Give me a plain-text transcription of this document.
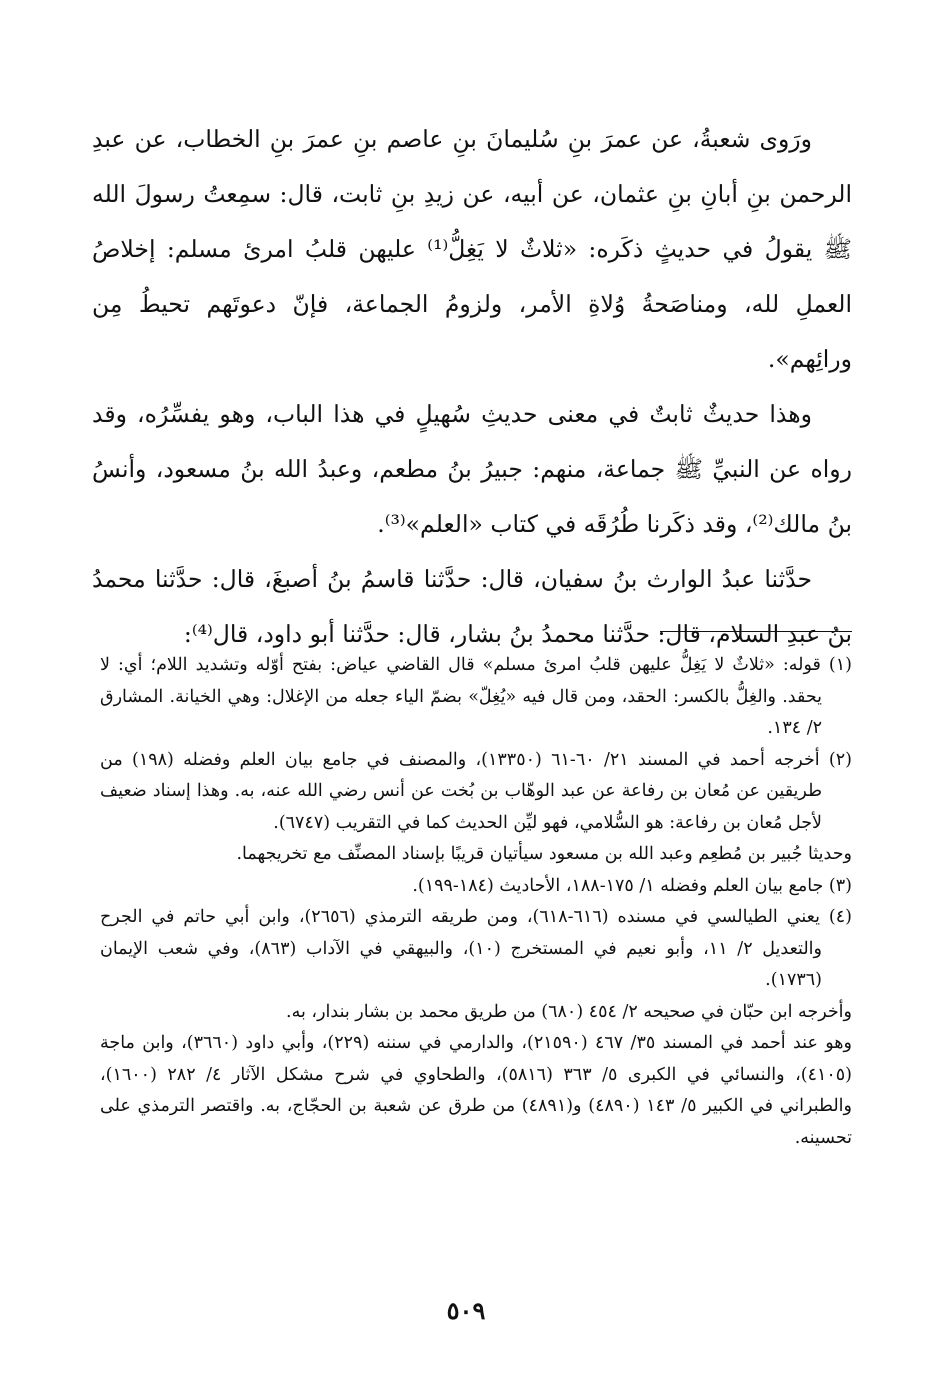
ورَوى شعبةُ، عن عمرَ بنِ سُليمانَ بنِ عاصم بنِ عمرَ بنِ الخطاب، عن عبدِ الرحمن بنِ أبانِ بنِ عثمان، عن أبيه، عن زيدِ بنِ ثابت، قال: سمِعتُ رسولَ الله ﷺ يقولُ في حديثٍ ذكَره: «ثلاثٌ لا يَغِلُّ⁽¹⁾ عليهن قلبُ امرئ مسلم: إخلاصُ العملِ لله، ومناصَحةُ وُلاةِ الأمر، ولزومُ الجماعة، فإنّ دعوتَهم تحيطُ مِن ورائِهم».

وهذا حديثٌ ثابتٌ في معنى حديثِ سُهيلٍ في هذا الباب، وهو يفسِّرُه، وقد رواه عن النبيِّ ﷺ جماعة، منهم: جبيرُ بنُ مطعم، وعبدُ الله بنُ مسعود، وأنسُ بنُ مالك⁽²⁾، وقد ذكَرنا طُرُقَه في كتاب «العلم»⁽³⁾.

حدَّثنا عبدُ الوارث بنُ سفيان، قال: حدَّثنا قاسمُ بنُ أصبغَ، قال: حدَّثنا محمدُ بنُ عبدِ السلام، قال: حدَّثنا محمدُ بنُ بشار، قال: حدَّثنا أبو داود، قال⁽⁴⁾:

(١) قوله: «ثلاثٌ لا يَغِلُّ عليهن قلبُ امرئ مسلم» قال القاضي عياض: بفتح أوّله وتشديد اللام؛ أي: لا يحقد. والغِلُّ بالكسر: الحقد، ومن قال فيه «يُغِلّ» بضمّ الياء جعله من الإغلال: وهي الخيانة. المشارق ٢/ ١٣٤.

(٢) أخرجه أحمد في المسند ٢١/ ٦٠-٦١ (١٣٣٥٠)، والمصنف في جامع بيان العلم وفضله (١٩٨) من طريقين عن مُعان بن رفاعة عن عبد الوهّاب بن بُخت عن أنس رضي الله عنه، به. وهذا إسناد ضعيف لأجل مُعان بن رفاعة: هو السُّلامي، فهو ليِّن الحديث كما في التقريب (٦٧٤٧).

وحديثا جُبير بن مُطعِم وعبد الله بن مسعود سيأتيان قريبًا بإسناد المصنِّف مع تخريجهما.

(٣) جامع بيان العلم وفضله ١/ ١٧٥-١٨٨، الأحاديث (١٨٤-١٩٩).

(٤) يعني الطيالسي في مسنده (٦١٦-٦١٨)، ومن طريقه الترمذي (٢٦٥٦)، وابن أبي حاتم في الجرح والتعديل ٢/ ١١، وأبو نعيم في المستخرج (١٠)، والبيهقي في الآداب (٨٦٣)، وفي شعب الإيمان (١٧٣٦).

وأخرجه ابن حبّان في صحيحه ٢/ ٤٥٤ (٦٨٠) من طريق محمد بن بشار بندار، به.

وهو عند أحمد في المسند ٣٥/ ٤٦٧ (٢١٥٩٠)، والدارمي في سننه (٢٢٩)، وأبي داود (٣٦٦٠)، وابن ماجة (٤١٠٥)، والنسائي في الكبرى ٥/ ٣٦٣ (٥٨١٦)، والطحاوي في شرح مشكل الآثار ٤/ ٢٨٢ (١٦٠٠)، والطبراني في الكبير ٥/ ١٤٣ (٤٨٩٠) و(٤٨٩١) من طرق عن شعبة بن الحجّاج، به. واقتصر الترمذي على تحسينه.

٥٠٩
